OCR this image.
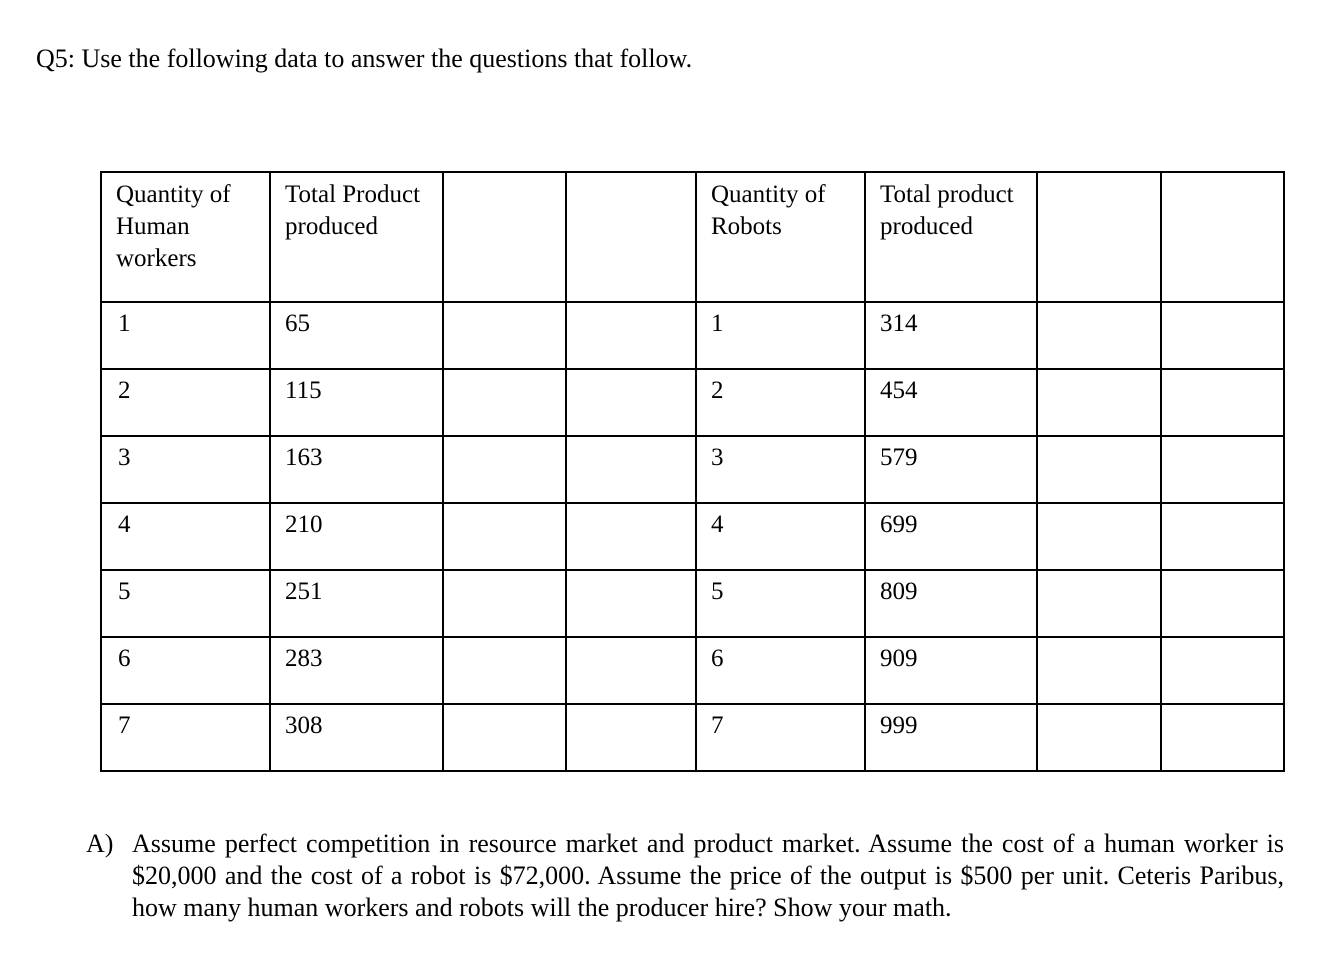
Q5: Use the following data to answer the questions that follow.
Quantity of Human workers	Total Product produced			Quantity of Robots	Total product produced		
1	65			1	314		
2	115			2	454		
3	163			3	579		
4	210			4	699		
5	251			5	809		
6	283			6	909		
7	308			7	999		
A) Assume perfect competition in resource market and product market. Assume the cost of a human worker is $20,000 and the cost of a robot is $72,000. Assume the price of the output is $500 per unit. Ceteris Paribus, how many human workers and robots will the producer hire? Show your math.
